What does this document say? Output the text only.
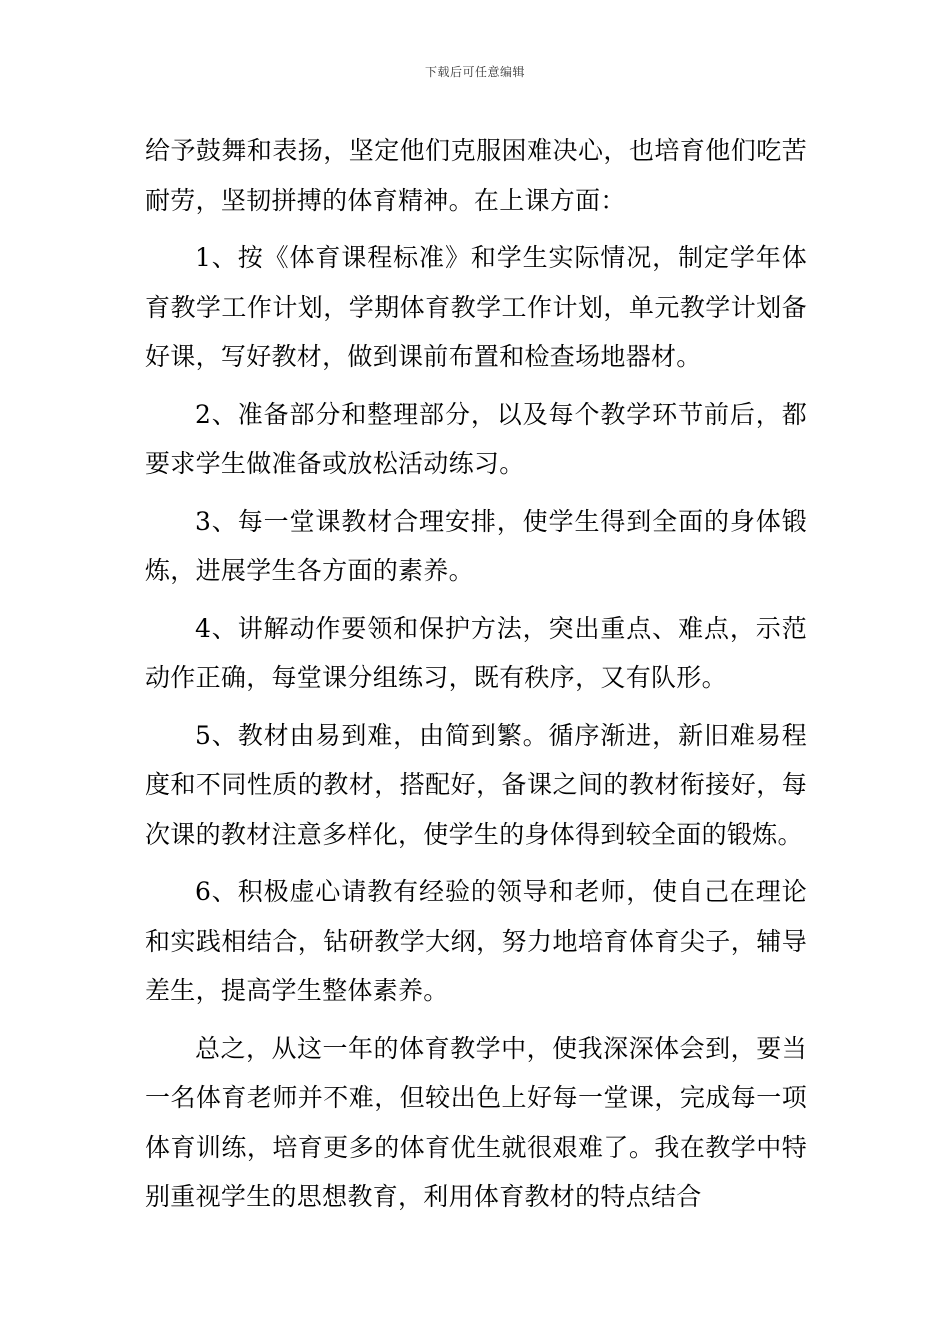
下载后可任意编辑

给予鼓舞和表扬，坚定他们克服困难决心，也培育他们吃苦耐劳，坚韧拼搏的体育精神。在上课方面：

1、按《体育课程标准》和学生实际情况，制定学年体育教学工作计划，学期体育教学工作计划，单元教学计划备好课，写好教材，做到课前布置和检查场地器材。

2、准备部分和整理部分，以及每个教学环节前后，都要求学生做准备或放松活动练习。

3、每一堂课教材合理安排，使学生得到全面的身体锻炼，进展学生各方面的素养。

4、讲解动作要领和保护方法，突出重点、难点，示范动作正确，每堂课分组练习，既有秩序，又有队形。

5、教材由易到难，由简到繁。循序渐进，新旧难易程度和不同性质的教材，搭配好，备课之间的教材衔接好，每次课的教材注意多样化，使学生的身体得到较全面的锻炼。

6、积极虚心请教有经验的领导和老师，使自己在理论和实践相结合，钻研教学大纲，努力地培育体育尖子，辅导差生，提高学生整体素养。

总之，从这一年的体育教学中，使我深深体会到，要当一名体育老师并不难，但较出色上好每一堂课，完成每一项体育训练，培育更多的体育优生就很艰难了。我在教学中特别重视学生的思想教育，利用体育教材的特点结合
